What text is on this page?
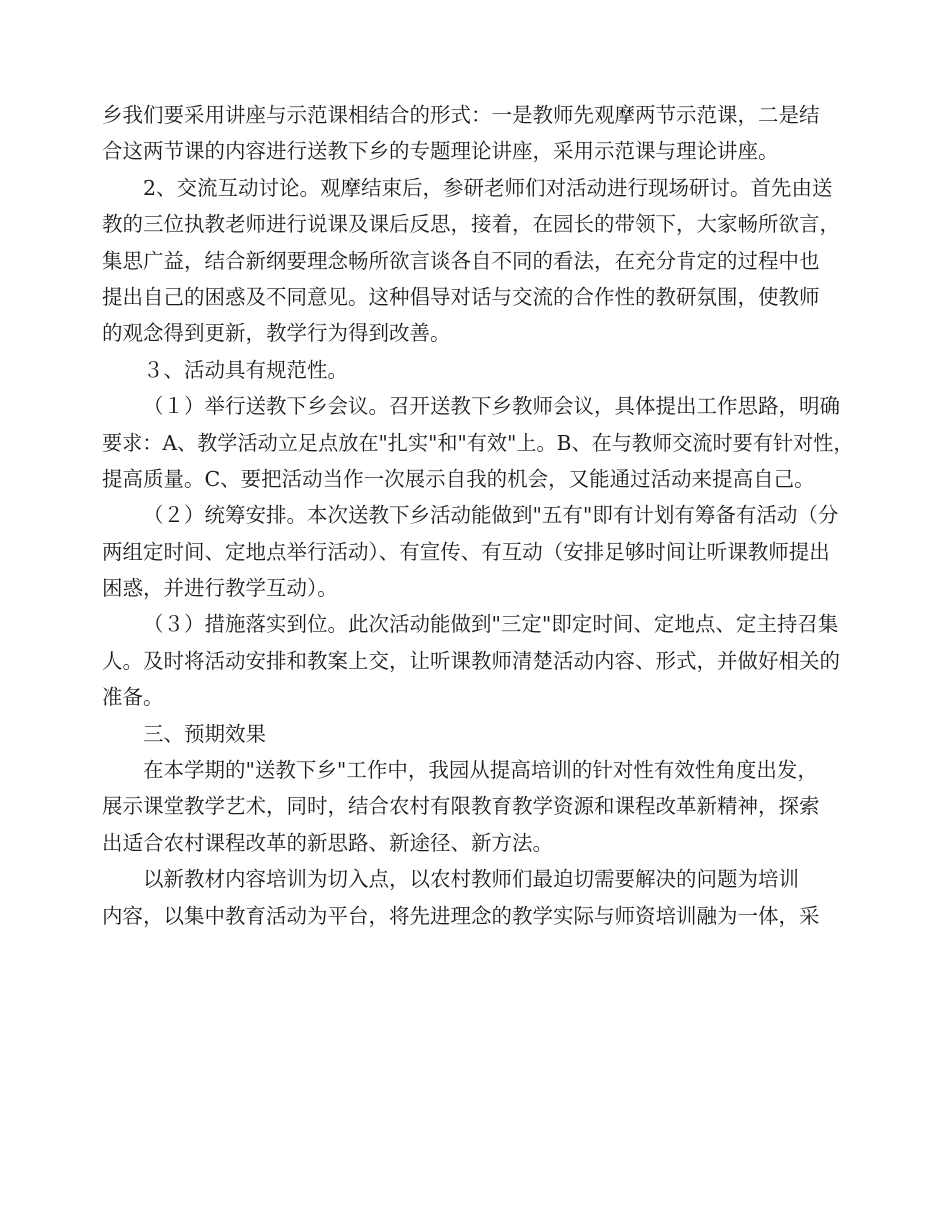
乡我们要采用讲座与示范课相结合的形式：一是教师先观摩两节示范课，二是结
合这两节课的内容进行送教下乡的专题理论讲座，采用示范课与理论讲座。
2、交流互动讨论。观摩结束后，参研老师们对活动进行现场研讨。首先由送
教的三位执教老师进行说课及课后反思，接着，在园长的带领下，大家畅所欲言，
集思广益，结合新纲要理念畅所欲言谈各自不同的看法，在充分肯定的过程中也
提出自己的困惑及不同意见。这种倡导对话与交流的合作性的教研氛围，使教师
的观念得到更新，教学行为得到改善。
３、活动具有规范性。
（１）举行送教下乡会议。召开送教下乡教师会议，具体提出工作思路，明确
要求：A、教学活动立足点放在"扎实"和"有效"上。B、在与教师交流时要有针对性，
提高质量。C、要把活动当作一次展示自我的机会，又能通过活动来提高自己。
（２）统筹安排。本次送教下乡活动能做到"五有"即有计划有筹备有活动（分
两组定时间、定地点举行活动）、有宣传、有互动（安排足够时间让听课教师提出
困惑，并进行教学互动）。
（３）措施落实到位。此次活动能做到"三定"即定时间、定地点、定主持召集
人。及时将活动安排和教案上交，让听课教师清楚活动内容、形式，并做好相关的
准备。
三、预期效果
在本学期的"送教下乡"工作中，我园从提高培训的针对性有效性角度出发，
展示课堂教学艺术，同时，结合农村有限教育教学资源和课程改革新精神，探索
出适合农村课程改革的新思路、新途径、新方法。
以新教材内容培训为切入点，以农村教师们最迫切需要解决的问题为培训
内容，以集中教育活动为平台，将先进理念的教学实际与师资培训融为一体，采
